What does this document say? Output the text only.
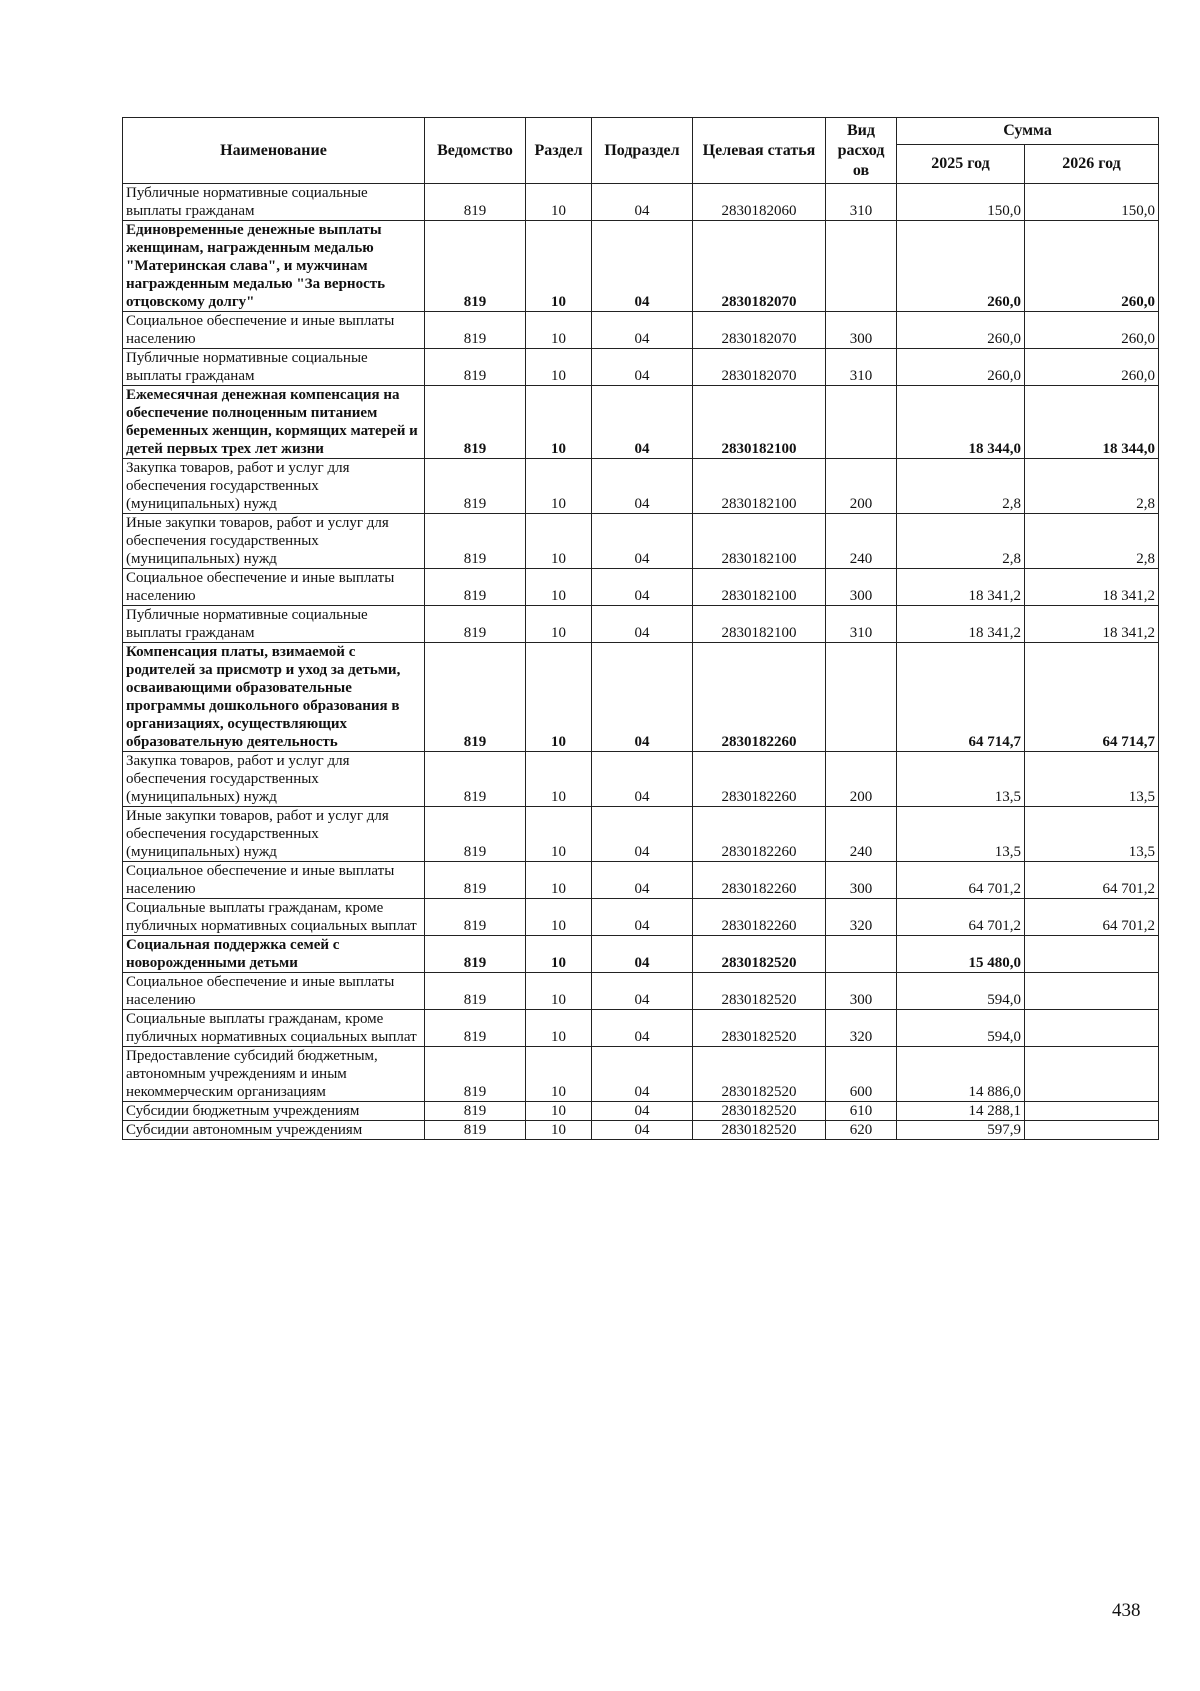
Наименование	Ведомство	Раздел	Подраздел	Целевая статья	Вид расход ов	Сумма	
						2025 год	2026 год
Публичные нормативные социальные выплаты гражданам	819	10	04	2830182060	310	150,0	150,0
Единовременные денежные выплаты женщинам, награжденным медалью "Материнская слава", и мужчинам награжденным медалью "За верность отцовскому долгу"	819	10	04	2830182070		260,0	260,0
Социальное обеспечение и иные выплаты населению	819	10	04	2830182070	300	260,0	260,0
Публичные нормативные социальные выплаты гражданам	819	10	04	2830182070	310	260,0	260,0
Ежемесячная денежная компенсация на обеспечение полноценным питанием беременных женщин, кормящих матерей и детей первых трех лет жизни	819	10	04	2830182100		18 344,0	18 344,0
Закупка товаров, работ и услуг для обеспечения государственных (муниципальных) нужд	819	10	04	2830182100	200	2,8	2,8
Иные закупки товаров, работ и услуг для обеспечения государственных (муниципальных) нужд	819	10	04	2830182100	240	2,8	2,8
Социальное обеспечение и иные выплаты населению	819	10	04	2830182100	300	18 341,2	18 341,2
Публичные нормативные социальные выплаты гражданам	819	10	04	2830182100	310	18 341,2	18 341,2
Компенсация платы, взимаемой с родителей за присмотр и уход за детьми, осваивающими образовательные программы дошкольного образования в организациях, осуществляющих образовательную деятельность	819	10	04	2830182260		64 714,7	64 714,7
Закупка товаров, работ и услуг для обеспечения государственных (муниципальных) нужд	819	10	04	2830182260	200	13,5	13,5
Иные закупки товаров, работ и услуг для обеспечения государственных (муниципальных) нужд	819	10	04	2830182260	240	13,5	13,5
Социальное обеспечение и иные выплаты населению	819	10	04	2830182260	300	64 701,2	64 701,2
Социальные выплаты гражданам, кроме публичных нормативных социальных выплат	819	10	04	2830182260	320	64 701,2	64 701,2
Социальная поддержка семей с новорожденными детьми	819	10	04	2830182520		15 480,0	
Социальное обеспечение и иные выплаты населению	819	10	04	2830182520	300	594,0	
Социальные выплаты гражданам, кроме публичных нормативных социальных выплат	819	10	04	2830182520	320	594,0	
Предоставление субсидий бюджетным, автономным учреждениям и иным некоммерческим организациям	819	10	04	2830182520	600	14 886,0	
Субсидии бюджетным учреждениям	819	10	04	2830182520	610	14 288,1	
Субсидии автономным учреждениям	819	10	04	2830182520	620	597,9	
438
